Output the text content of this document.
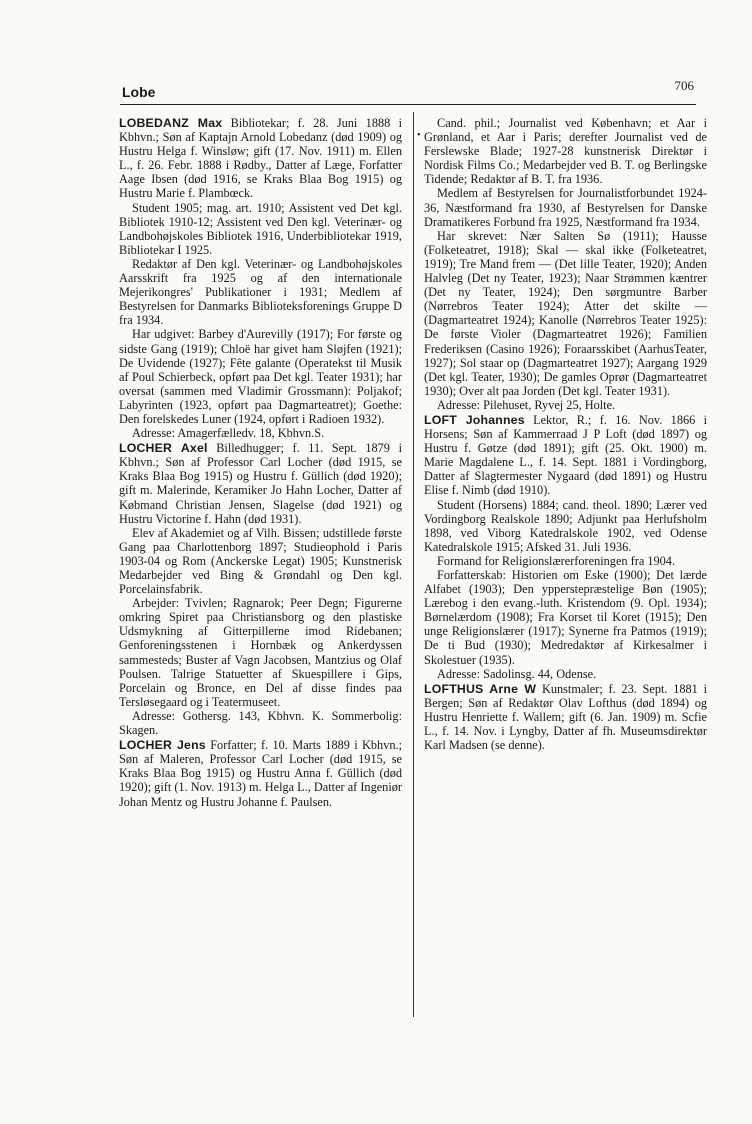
Lobe	706
•

LOBEDANZ Max Bibliotekar; f. 28. Juni 1888 i Kbhvn.; Søn af Kaptajn Arnold Lobedanz (død 1909) og Hustru Helga f. Winsløw; gift (17. Nov. 1911) m. Ellen L., f. 26. Febr. 1888 i Rødby., Datter af Læge, Forfatter Aage Ibsen (død 1916, se Kraks Blaa Bog 1915) og Hustru Marie f. Plambœck.

Student 1905; mag. art. 1910; Assistent ved Det kgl. Bibliotek 1910-12; Assistent ved Den kgl. Veterinær- og Landbohøjskoles Bibliotek 1916, Underbibliotekar 1919, Bibliotekar I 1925.

Redaktør af Den kgl. Veterinær- og Landbohøjskoles Aarsskrift fra 1925 og af den internationale Mejerikongres' Publikationer i 1931; Medlem af Bestyrelsen for Danmarks Biblioteksforenings Gruppe D fra 1934.

Har udgivet: Barbey d'Aurevilly (1917); For første og sidste Gang (1919); Chloë har givet ham Sløjfen (1921); De Uvidende (1927); Fête galante (Operatekst til Musik af Poul Schierbeck, opført paa Det kgl. Teater 1931); har oversat (sammen med Vladimir Grossmann): Poljakof; Labyrinten (1923, opført paa Dagmarteatret); Goethe: Den forelskedes Luner (1924, opført i Radioen 1932).

Adresse: Amagerfælledv. 18, Kbhvn.S.

LOCHER Axel Billedhugger; f. 11. Sept. 1879 i Kbhvn.; Søn af Professor Carl Locher (død 1915, se Kraks Blaa Bog 1915) og Hustru f. Güllich (død 1920); gift m. Malerinde, Keramiker Jo Hahn Locher, Datter af Købmand Christian Jensen, Slagelse (død 1921) og Hustru Victorine f. Hahn (død 1931).

Elev af Akademiet og af Vilh. Bissen; udstillede første Gang paa Charlottenborg 1897; Studieophold i Paris 1903-04 og Rom (Anckerske Legat) 1905; Kunstnerisk Medarbejder ved Bing & Grøndahl og Den kgl. Porcelainsfabrik.

Arbejder: Tvivlen; Ragnarok; Peer Degn; Figurerne omkring Spiret paa Christiansborg og den plastiske Udsmykning af Gitterpillerne imod Ridebanen; Genforeningsstenen i Hornbæk og Ankerdyssen sammesteds; Buster af Vagn Jacobsen, Mantzius og Olaf Poulsen. Talrige Statuetter af Skuespillere i Gips, Porcelain og Bronce, en Del af disse findes paa Tersløsegaard og i Teatermuseet.

Adresse: Gothersg. 143, Kbhvn. K. Sommerbolig: Skagen.

LOCHER Jens Forfatter; f. 10. Marts 1889 i Kbhvn.; Søn af Maleren, Professor Carl Locher (død 1915, se Kraks Blaa Bog 1915) og Hustru Anna f. Güllich (død 1920); gift (1. Nov. 1913) m. Helga L., Datter af Ingeniør Johan Mentz og Hustru Johanne f. Paulsen.

Cand. phil.; Journalist ved København; et Aar i Grønland, et Aar i Paris; derefter Journalist ved de Ferslewske Blade; 1927-28 kunstnerisk Direktør i Nordisk Films Co.; Medarbejder ved B. T. og Berlingske Tidende; Redaktør af B. T. fra 1936.

Medlem af Bestyrelsen for Journalistforbundet 1924-36, Næstformand fra 1930, af Bestyrelsen for Danske Dramatikeres Forbund fra 1925, Næstformand fra 1934.

Har skrevet: Nær Salten Sø (1911); Hausse (Folketeatret, 1918); Skal — skal ikke (Folketeatret, 1919); Tre Mand frem — (Det lille Teater, 1920); Anden Halvleg (Det ny Teater, 1923); Naar Strømmen kæntrer (Det ny Teater, 1924); Den sørgmuntre Barber (Nørrebros Teater 1924); Atter det skilte — (Dagmarteatret 1924); Kanolle (Nørrebros Teater 1925): De første Violer (Dagmarteatret 1926); Familien Frederiksen (Casino 1926); Foraarsskibet (AarhusTeater, 1927); Sol staar op (Dagmarteatret 1927); Aargang 1929 (Det kgl. Teater, 1930); De gamles Oprør (Dagmarteatret 1930); Over alt paa Jorden (Det kgl. Teater 1931).

Adresse: Pilehuset, Ryvej 25, Holte.

LOFT Johannes Lektor, R.; f. 16. Nov. 1866 i Horsens; Søn af Kammerraad J P Loft (død 1897) og Hustru f. Gøtze (død 1891); gift (25. Okt. 1900) m. Marie Magdalene L., f. 14. Sept. 1881 i Vordingborg, Datter af Slagtermester Nygaard (død 1891) og Hustru Elise f. Nimb (død 1910).

Student (Horsens) 1884; cand. theol. 1890; Lærer ved Vordingborg Realskole 1890; Adjunkt paa Herlufsholm 1898, ved Viborg Katedralskole 1902, ved Odense Katedralskole 1915; Afsked 31. Juli 1936.

Formand for Religionslærerforeningen fra 1904.

Forfatterskab: Historien om Eske (1900); Det lærde Alfabet (1903); Den ypperstepræstelige Bøn (1905); Lærebog i den evang.-luth. Kristendom (9. Opl. 1934); Børnelærdom (1908); Fra Korset til Koret (1915); Den unge Religionslærer (1917); Synerne fra Patmos (1919); De ti Bud (1930); Medredaktør af Kirkesalmer i Skolestuer (1935).

Adresse: Sadolinsg. 44, Odense.

LOFTHUS Arne W Kunstmaler; f. 23. Sept. 1881 i Bergen; Søn af Redaktør Olav Lofthus (død 1894) og Hustru Henriette f. Wallem; gift (6. Jan. 1909) m. Scfie L., f. 14. Nov. i Lyngby, Datter af fh. Museumsdirektør Karl Madsen (se denne).
